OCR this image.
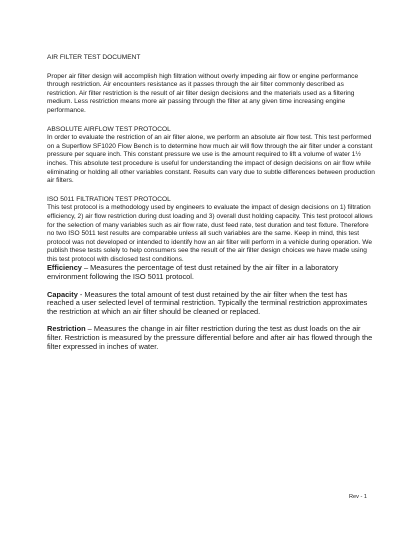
AIR FILTER TEST DOCUMENT

Proper air filter design will accomplish high filtration without overly impeding air flow or engine performance through restriction. Air encounters resistance as it passes through the air filter commonly described as restriction. Air filter restriction is the result of air filter design decisions and the materials used as a filtering medium. Less restriction means more air passing through the filter at any given time increasing engine performance.

ABSOLUTE AIRFLOW TEST PROTOCOL

In order to evaluate the restriction of an air filter alone, we perform an absolute air flow test. This test performed on a Superflow SF1020 Flow Bench is to determine how much air will flow through the air filter under a constant pressure per square inch. This constant pressure we use is the amount required to lift a volume of water 1½ inches. This absolute test procedure is useful for understanding the impact of design decisions on air flow while eliminating or holding all other variables constant. Results can vary due to subtle differences between production air filters.

ISO 5011 FILTRATION TEST PROTOCOL

This test protocol is a methodology used by engineers to evaluate the impact of design decisions on 1) filtration efficiency, 2) air flow restriction during dust loading and 3) overall dust holding capacity. This test protocol allows for the selection of many variables such as air flow rate, dust feed rate, test duration and test fixture. Therefore no two ISO 5011 test results are comparable unless all such variables are the same. Keep in mind, this test protocol was not developed or intended to identify how an air filter will perform in a vehicle during operation. We publish these tests solely to help consumers see the result of the air filter design choices we have made using this test protocol with disclosed test conditions.

Efficiency – Measures the percentage of test dust retained by the air filter in a laboratory environment following the ISO 5011 protocol.

Capacity - Measures the total amount of test dust retained by the air filter when the test has reached a user selected level of terminal restriction. Typically the terminal restriction approximates the restriction at which an air filter should be cleaned or replaced.

Restriction – Measures the change in air filter restriction during the test as dust loads on the air filter. Restriction is measured by the pressure differential before and after air has flowed through the filter expressed in inches of water.

Rev - 1
